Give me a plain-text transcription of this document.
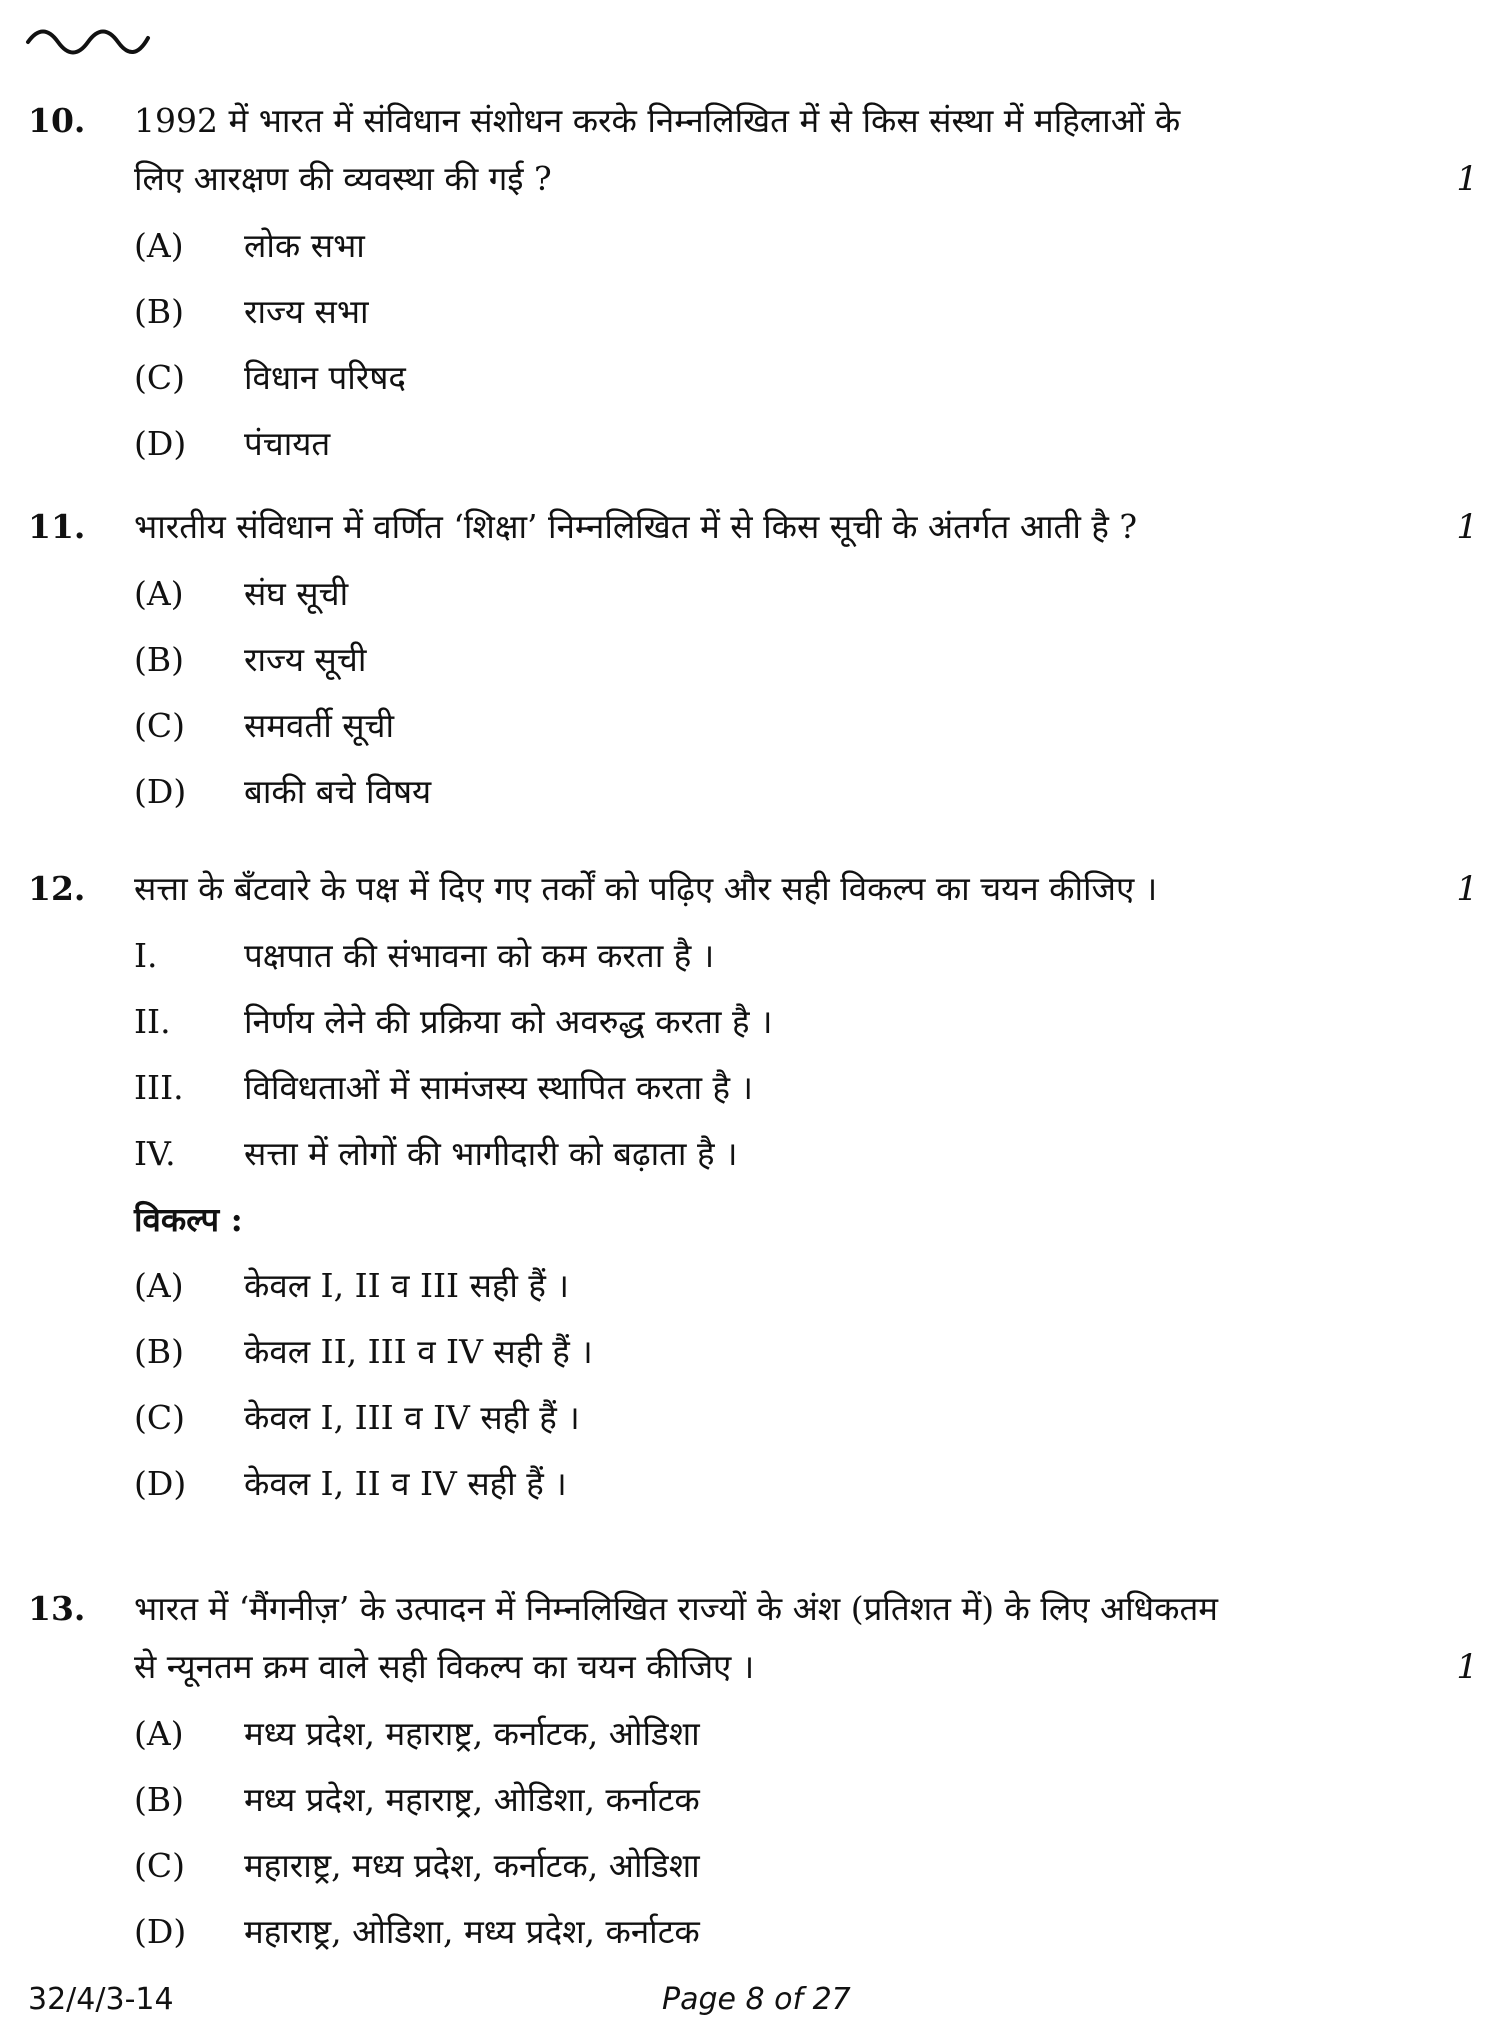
10.	1992 में भारत में संविधान संशोधन करके निम्नलिखित में से किस संस्था में महिलाओं के
लिए आरक्षण की व्यवस्था की गई ?	1
(A)	लोक सभा
(B)	राज्य सभा
(C)	विधान परिषद
(D)	पंचायत
11.	भारतीय संविधान में वर्णित ‘शिक्षा’ निम्नलिखित में से किस सूची के अंतर्गत आती है ?	1
(A)	संघ सूची
(B)	राज्य सूची
(C)	समवर्ती सूची
(D)	बाकी बचे विषय
12.	सत्ता के बँटवारे के पक्ष में दिए गए तर्कों को पढ़िए और सही विकल्प का चयन कीजिए ।	1
I.	पक्षपात की संभावना को कम करता है ।
II.	निर्णय लेने की प्रक्रिया को अवरुद्ध करता है ।
III.	विविधताओं में सामंजस्य स्थापित करता है ।
IV.	सत्ता में लोगों की भागीदारी को बढ़ाता है ।
विकल्प :
(A)	केवल I, II व III सही हैं ।
(B)	केवल II, III व IV सही हैं ।
(C)	केवल I, III व IV सही हैं ।
(D)	केवल I, II व IV सही हैं ।
13.	भारत में ‘मैंगनीज़’ के उत्पादन में निम्नलिखित राज्यों के अंश (प्रतिशत में) के लिए अधिकतम
से न्यूनतम क्रम वाले सही विकल्प का चयन कीजिए ।	1
(A)	मध्य प्रदेश, महाराष्ट्र, कर्नाटक, ओडिशा
(B)	मध्य प्रदेश, महाराष्ट्र, ओडिशा, कर्नाटक
(C)	महाराष्ट्र, मध्य प्रदेश, कर्नाटक, ओडिशा
(D)	महाराष्ट्र, ओडिशा, मध्य प्रदेश, कर्नाटक
32/4/3-14	Page 8 of 27
